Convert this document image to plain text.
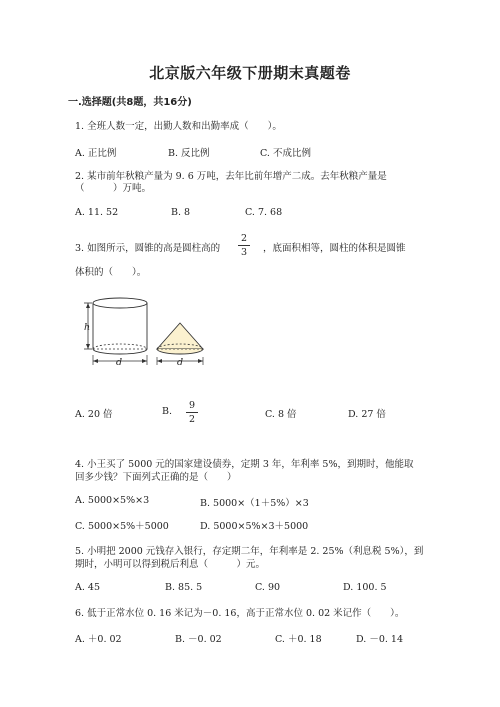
北京版六年级下册期末真题卷
一.选择题(共8题，共16分)
1. 全班人数一定，出勤人数和出勤率成（　　）。
A. 正比例	B. 反比例	C. 不成比例
2. 某市前年秋粮产量为 9. 6 万吨，去年比前年增产二成。去年秋粮产量是
（　　　）万吨。
A. 11. 52	B. 8	C. 7. 68
3. 如图所示，圆锥的高是圆柱高的
2
3	，底面积相等，圆柱的体积是圆锥
体积的（　　）。
h
d	d
A. 20 倍	B.
9
2	C. 8 倍	D. 27 倍
4. 小王买了 5000 元的国家建设债券，定期 3 年，年利率 5%，到期时，他能取
回多少钱？下面列式正确的是（　　）
A. 5000×5%×3	B. 5000×（1＋5%）×3
C. 5000×5%＋5000	D. 5000×5%×3＋5000
5. 小明把 2000 元钱存入银行，存定期二年，年利率是 2. 25%（利息税 5%），到
期时，小明可以得到税后利息（　　　）元。
A. 45	B. 85. 5	C. 90	D. 100. 5
6. 低于正常水位 0. 16 米记为－0. 16，高于正常水位 0. 02 米记作（　　）。
A. ＋0. 02	B. －0. 02	C. ＋0. 18	D. －0. 14
